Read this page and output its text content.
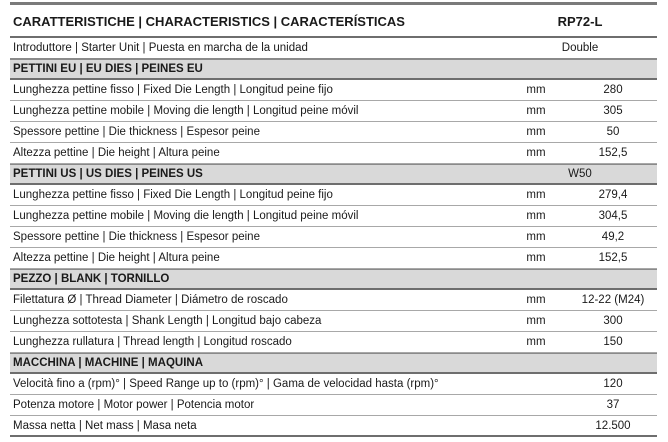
CARATTERISTICHE | CHARACTERISTICS | CARACTERÍSTICAS	RP72-L
Introduttore | Starter Unit | Puesta en marcha de la unidad	Double
PETTINI EU | EU DIES | PEINES EU
Lunghezza pettine fisso | Fixed Die Length | Longitud peine fijo	mm	280
Lunghezza pettine mobile | Moving die length | Longitud peine móvil	mm	305
Spessore pettine | Die thickness | Espesor peine	mm	50
Altezza pettine | Die height | Altura peine	mm	152,5
PETTINI US | US DIES | PEINES US	W50
Lunghezza pettine fisso | Fixed Die Length | Longitud peine fijo	mm	279,4
Lunghezza pettine mobile | Moving die length | Longitud peine móvil	mm	304,5
Spessore pettine | Die thickness | Espesor peine	mm	49,2
Altezza pettine | Die height | Altura peine	mm	152,5
PEZZO | BLANK | TORNILLO
Filettatura Ø | Thread Diameter | Diámetro de roscado	mm	12-22 (M24)
Lunghezza sottotesta | Shank Length | Longitud bajo cabeza	mm	300
Lunghezza rullatura | Thread length | Longitud roscado	mm	150
MACCHINA | MACHINE | MÁQUINA
Velocità fino a (rpm)° | Speed Range up to (rpm)° | Gama de velocidad hasta (rpm)°	120
Potenza motore | Motor power | Potencia motor	37
Massa netta | Net mass | Masa neta	12.500
